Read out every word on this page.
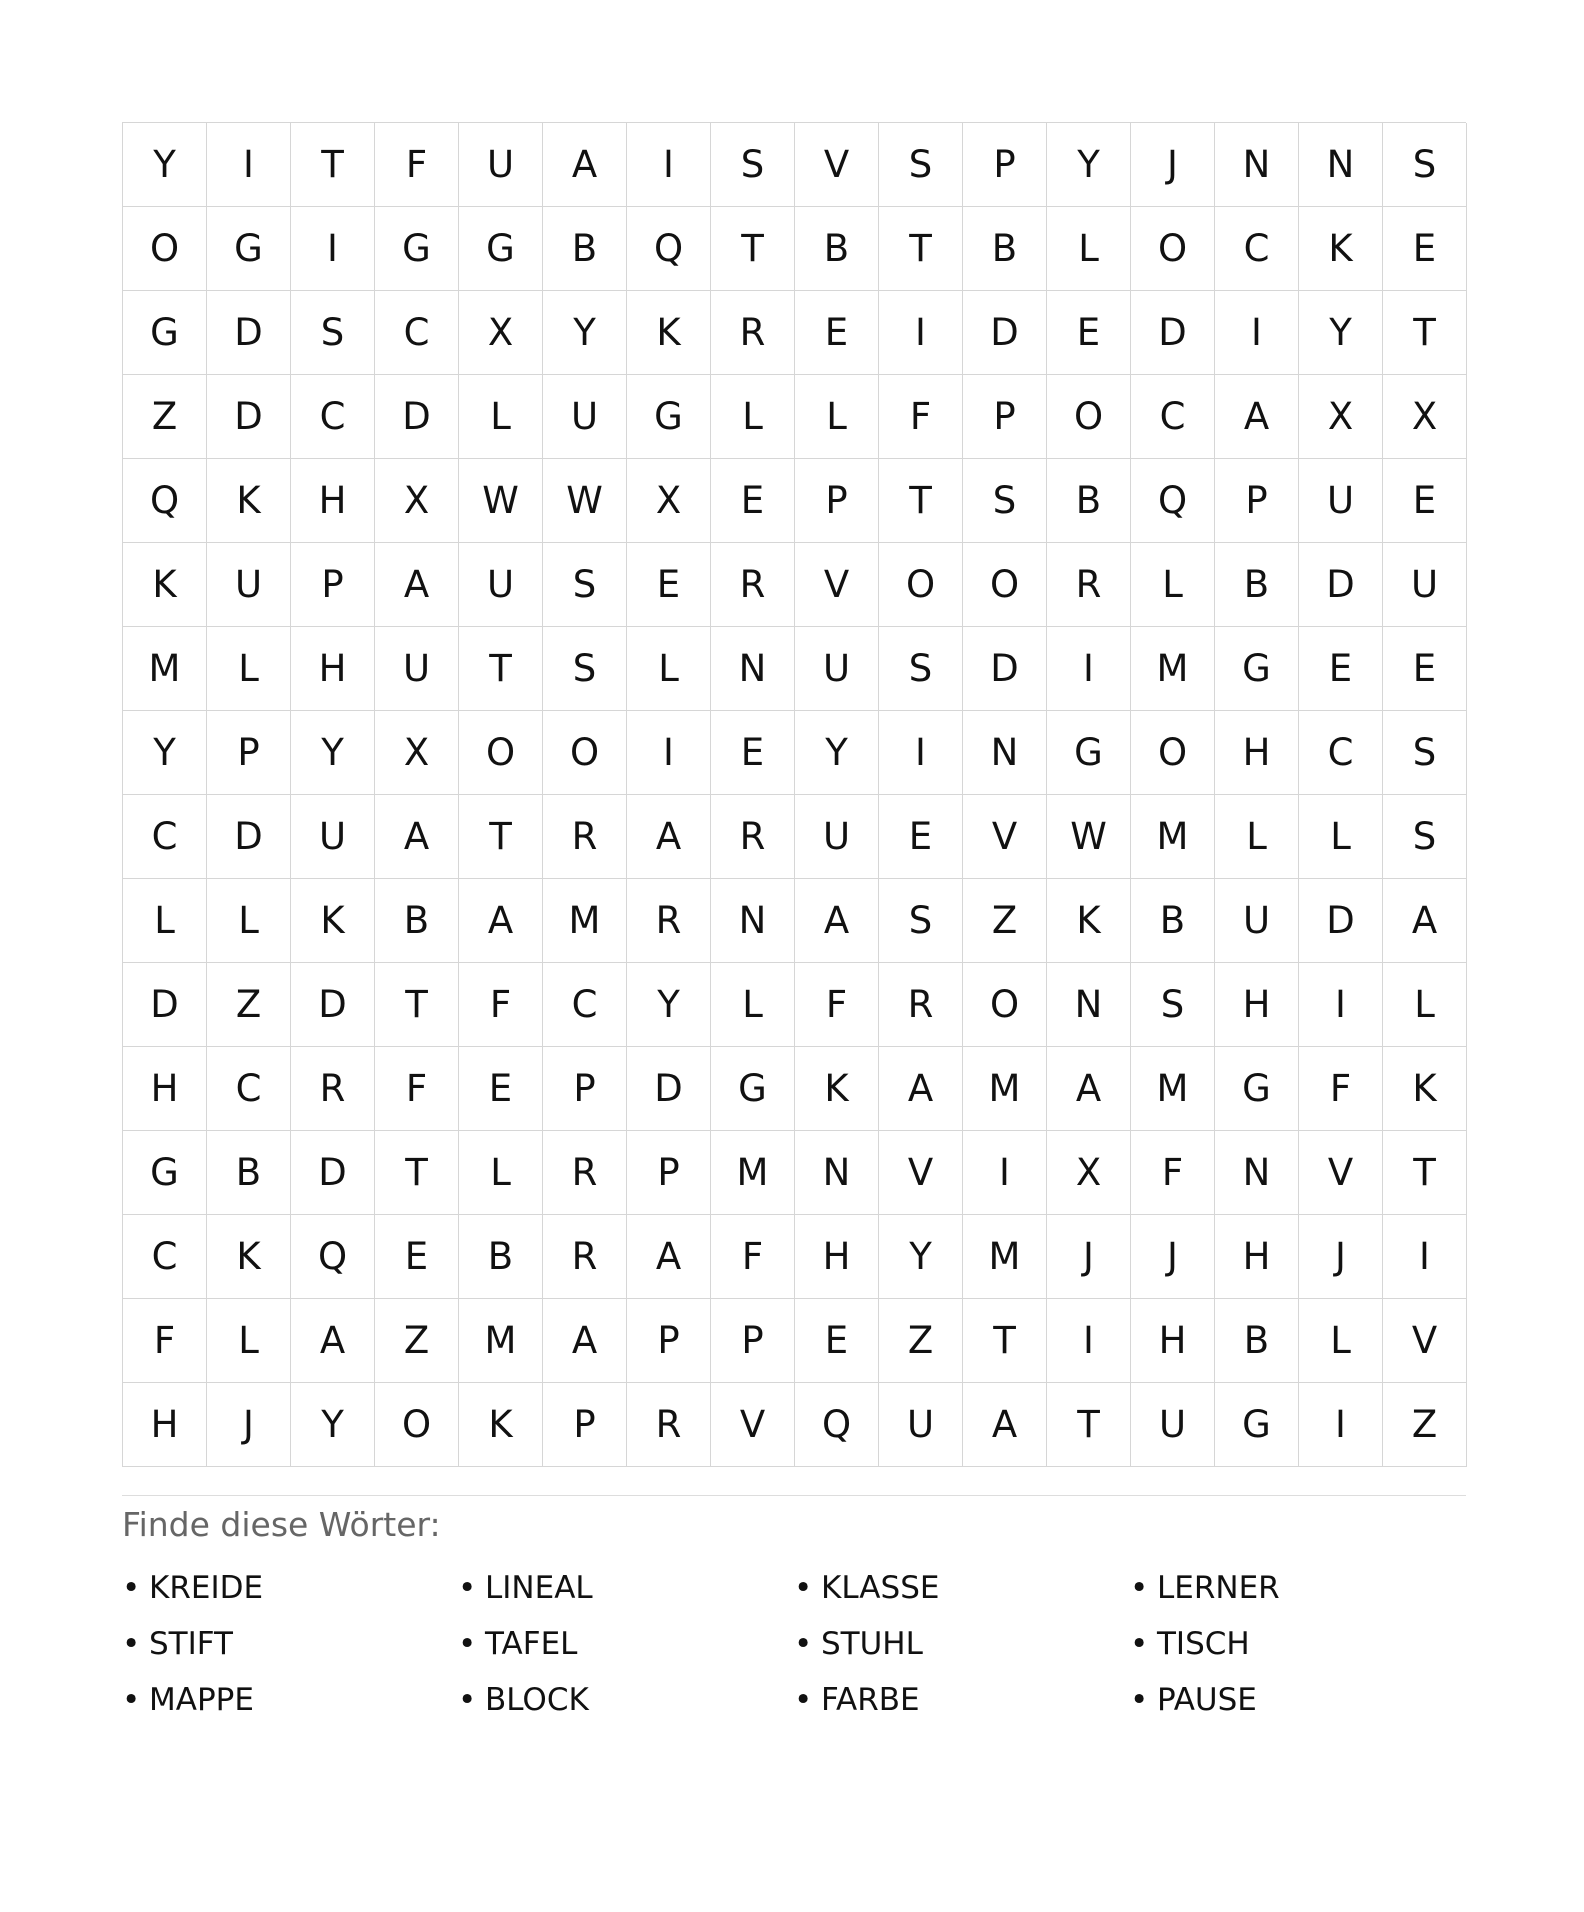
Y	I	T	F	U	A	I	S	V	S	P	Y	J	N	N	S
O	G	I	G	G	B	Q	T	B	T	B	L	O	C	K	E
G	D	S	C	X	Y	K	R	E	I	D	E	D	I	Y	T
Z	D	C	D	L	U	G	L	L	F	P	O	C	A	X	X
Q	K	H	X	W	W	X	E	P	T	S	B	Q	P	U	E
K	U	P	A	U	S	E	R	V	O	O	R	L	B	D	U
M	L	H	U	T	S	L	N	U	S	D	I	M	G	E	E
Y	P	Y	X	O	O	I	E	Y	I	N	G	O	H	C	S
C	D	U	A	T	R	A	R	U	E	V	W	M	L	L	S
L	L	K	B	A	M	R	N	A	S	Z	K	B	U	D	A
D	Z	D	T	F	C	Y	L	F	R	O	N	S	H	I	L
H	C	R	F	E	P	D	G	K	A	M	A	M	G	F	K
G	B	D	T	L	R	P	M	N	V	I	X	F	N	V	T
C	K	Q	E	B	R	A	F	H	Y	M	J	J	H	J	I
F	L	A	Z	M	A	P	P	E	Z	T	I	H	B	L	V
H	J	Y	O	K	P	R	V	Q	U	A	T	U	G	I	Z
Finde diese Wörter:
• KREIDE	• LINEAL	• KLASSE	• LERNER
• STIFT	• TAFEL	• STUHL	• TISCH
• MAPPE	• BLOCK	• FARBE	• PAUSE
